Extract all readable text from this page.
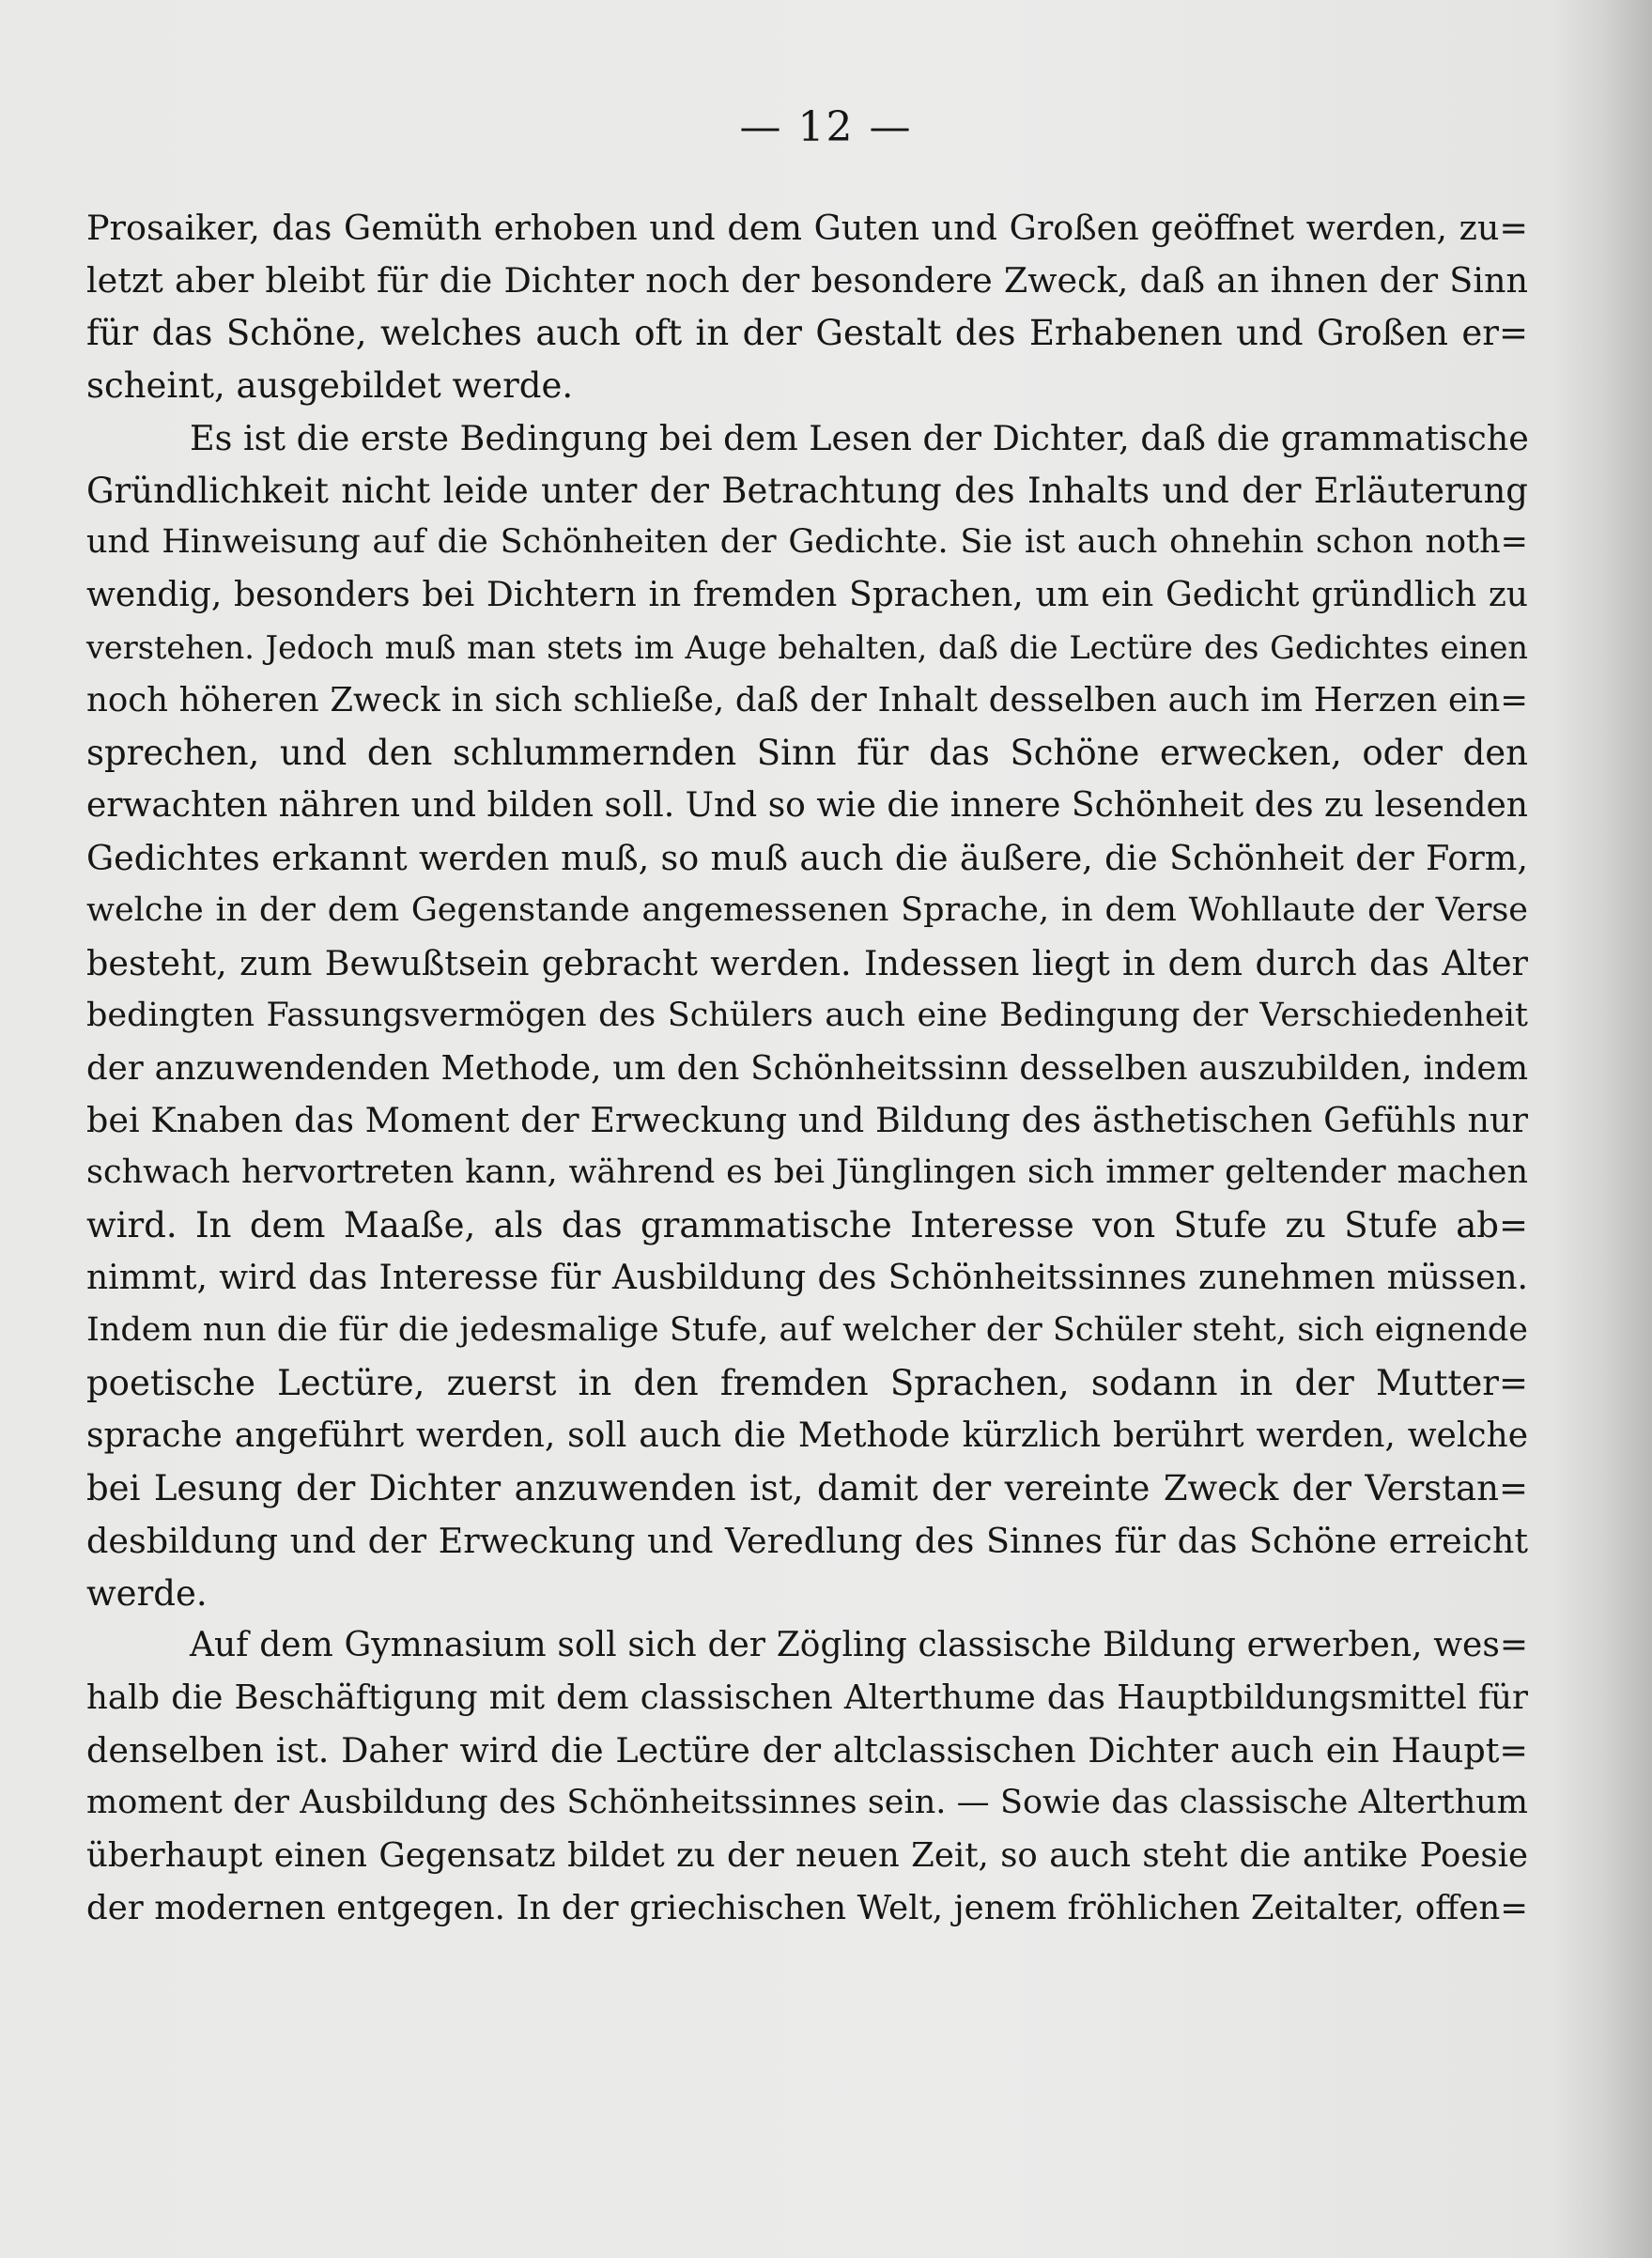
— 12 —
Prosaiker, das Gemüth erhoben und dem Guten und Großen geöffnet werden, zu=
letzt aber bleibt für die Dichter noch der besondere Zweck, daß an ihnen der Sinn
für das Schöne, welches auch oft in der Gestalt des Erhabenen und Großen er=
scheint, ausgebildet werde.
Es ist die erste Bedingung bei dem Lesen der Dichter, daß die grammatische
Gründlichkeit nicht leide unter der Betrachtung des Inhalts und der Erläuterung
und Hinweisung auf die Schönheiten der Gedichte. Sie ist auch ohnehin schon noth=
wendig, besonders bei Dichtern in fremden Sprachen, um ein Gedicht gründlich zu
verstehen. Jedoch muß man stets im Auge behalten, daß die Lectüre des Gedichtes einen
noch höheren Zweck in sich schließe, daß der Inhalt desselben auch im Herzen ein=
sprechen, und den schlummernden Sinn für das Schöne erwecken, oder den
erwachten nähren und bilden soll. Und so wie die innere Schönheit des zu lesenden
Gedichtes erkannt werden muß, so muß auch die äußere, die Schönheit der Form,
welche in der dem Gegenstande angemessenen Sprache, in dem Wohllaute der Verse
besteht, zum Bewußtsein gebracht werden. Indessen liegt in dem durch das Alter
bedingten Fassungsvermögen des Schülers auch eine Bedingung der Verschiedenheit
der anzuwendenden Methode, um den Schönheitssinn desselben auszubilden, indem
bei Knaben das Moment der Erweckung und Bildung des ästhetischen Gefühls nur
schwach hervortreten kann, während es bei Jünglingen sich immer geltender machen
wird. In dem Maaße, als das grammatische Interesse von Stufe zu Stufe ab=
nimmt, wird das Interesse für Ausbildung des Schönheitssinnes zunehmen müssen.
Indem nun die für die jedesmalige Stufe, auf welcher der Schüler steht, sich eignende
poetische Lectüre, zuerst in den fremden Sprachen, sodann in der Mutter=
sprache angeführt werden, soll auch die Methode kürzlich berührt werden, welche
bei Lesung der Dichter anzuwenden ist, damit der vereinte Zweck der Verstan=
desbildung und der Erweckung und Veredlung des Sinnes für das Schöne erreicht
werde.
Auf dem Gymnasium soll sich der Zögling classische Bildung erwerben, wes=
halb die Beschäftigung mit dem classischen Alterthume das Hauptbildungsmittel für
denselben ist. Daher wird die Lectüre der altclassischen Dichter auch ein Haupt=
moment der Ausbildung des Schönheitssinnes sein. — Sowie das classische Alterthum
überhaupt einen Gegensatz bildet zu der neuen Zeit, so auch steht die antike Poesie
der modernen entgegen. In der griechischen Welt, jenem fröhlichen Zeitalter, offen=
